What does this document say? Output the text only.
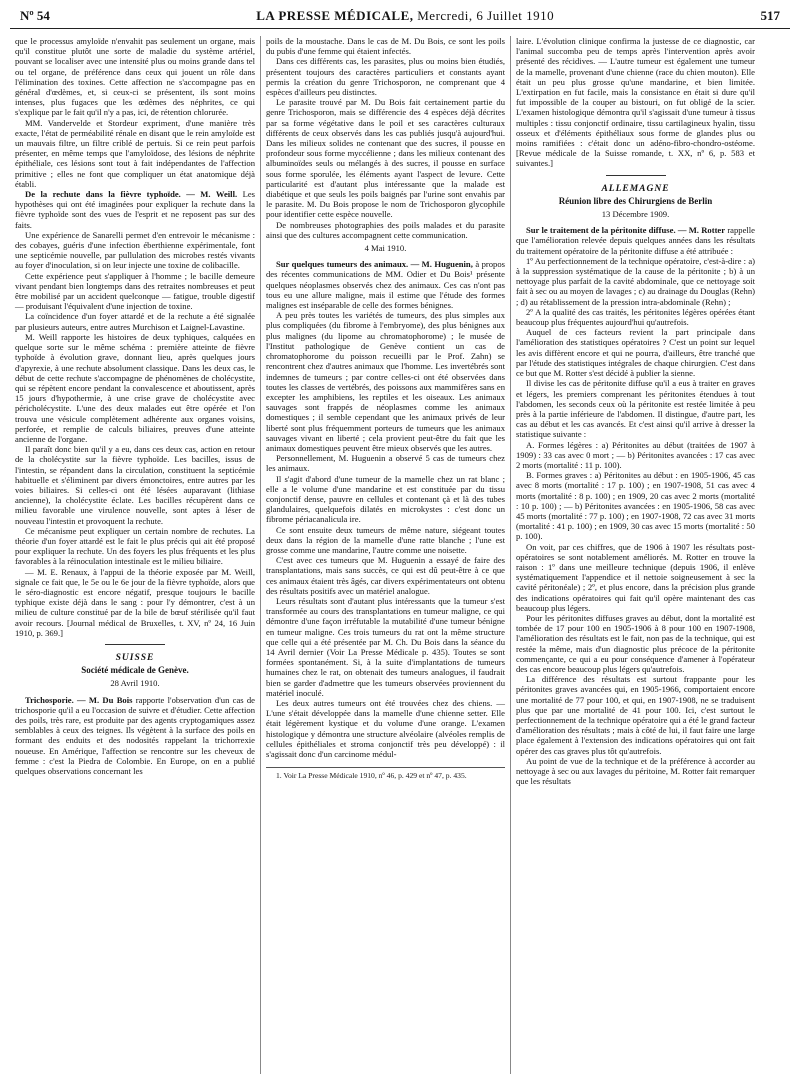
Nº 54	LA PRESSE MÉDICALE, Mercredi, 6 Juillet 1910	517

que le processus amyloïde n'envahit pas seulement un organe, mais qu'il constitue plutôt une sorte de maladie du système artériel, pouvant se localiser avec une intensité plus ou moins grande dans tel ou tel organe, de préférence dans ceux qui jouent un rôle dans l'élimination des toxines. Cette affection ne s'accompagne pas en général d'œdèmes, et, si ceux-ci se présentent, ils sont moins intenses, plus fugaces que les œdèmes des néphrites, ce qui s'explique par le fait qu'il n'y a pas, ici, de rétention chlorurée.

MM. Vandervelde et Stordeur expriment, d'une manière très exacte, l'état de perméabilité rénale en disant que le rein amyloïde est un mauvais filtre, un filtre criblé de pertuis. Si ce rein peut parfois présenter, en même temps que l'amyloïdose, des lésions de néphrite épithéliale, ces lésions sont tout à fait indépendantes de l'affection primitive ; elles ne font que compliquer un état anatomique déjà établi.

De la rechute dans la fièvre typhoïde. — M. Weill. Les hypothèses qui ont été imaginées pour expliquer la rechute dans la fièvre typhoïde sont des vues de l'esprit et ne reposent pas sur des faits.

Une expérience de Sanarelli permet d'en entrevoir le mécanisme : des cobayes, guéris d'une infection éberthienne expérimentale, font une septicémie nouvelle, par pullulation des microbes restés vivants au foyer d'inoculation, si on leur injecte une toxine de colibacille.

Cette expérience peut s'appliquer à l'homme ; le bacille demeure vivant pendant bien longtemps dans des retraites nombreuses et peut être mobilisé par un accident quelconque — fatigue, trouble digestif — produisant l'équivalent d'une injection de toxine.

La coïncidence d'un foyer attardé et de la rechute a été signalée par plusieurs auteurs, entre autres Murchison et Laignel-Lavastine.

M. Weill rapporte les histoires de deux typhiques, calquées en quelque sorte sur le même schéma : première atteinte de fièvre typhoïde à évolution grave, donnant lieu, après quelques jours d'apyrexie, à une rechute absolument classique. Dans les deux cas, le début de cette rechute s'accompagne de phénomènes de cholécystite, qui se répètent encore pendant la convalescence et aboutissent, après 15 jours d'hypothermie, à une crise grave de cholécystite avec péricholécystite. L'une des deux malades eut être opérée et l'on trouva une vésicule complètement adhérente aux organes voisins, perforée, et remplie de calculs biliaires, preuves d'une atteinte ancienne de l'organe.

Il paraît donc bien qu'il y a eu, dans ces deux cas, action en retour de la cholécystite sur la fièvre typhoïde. Les bacilles, issus de l'intestin, se répandent dans la circulation, constituent la septicémie habituelle et s'éliminent par divers émonctoires, entre autres par les voies biliaires. Si celles-ci ont été lésées auparavant (lithiase ancienne), la cholécystite éclate. Les bacilles récupèrent dans ce milieu favorable une virulence nouvelle, sont aptes à léser de nouveau l'intestin et provoquent la rechute.

Ce mécanisme peut expliquer un certain nombre de rechutes. La théorie d'un foyer attardé est le fait le plus précis qui ait été proposé pour expliquer la rechute. Un des foyers les plus fréquents et les plus favorables à la réinoculation intestinale est le milieu biliaire.

— M. E. Renaux, à l'appui de la théorie exposée par M. Weill, signale ce fait que, le 5e ou le 6e jour de la fièvre typhoïde, alors que le séro-diagnostic est encore négatif, presque toujours le bacille typhique existe déjà dans le sang : pour l'y démontrer, c'est à un milieu de culture constitué par de la bile de bœuf stérilisée qu'il faut avoir recours. [Journal médical de Bruxelles, t. XV, nº 24, 16 Juin 1910, p. 369.]

SUISSE
Société médicale de Genève.
28 Avril 1910.

Trichosporie. — M. Du Bois rapporte l'observation d'un cas de trichosporie qu'il a eu l'occasion de suivre et d'étudier. Cette affection des poils, très rare, est produite par des agents cryptogamiques assez semblables à ceux des teignes. Ils végètent à la surface des poils en formant des enduits et des nodosités rappelant la trichorrexie noueuse. En Amérique, l'affection se rencontre sur les cheveux de femme : c'est la Piedra de Colombie. En Europe, on en a publié quelques observations concernant les

poils de la moustache. Dans le cas de M. Du Bois, ce sont les poils du pubis d'une femme qui étaient infectés.

Dans ces différents cas, les parasites, plus ou moins bien étudiés, présentent toujours des caractères particuliers et constants ayant permis la création du genre Trichosporon, ne comprenant que 4 espèces d'ailleurs peu distinctes.

Le parasite trouvé par M. Du Bois fait certainement partie du genre Trichosporon, mais se différencie des 4 espèces déjà décrites par sa forme végétative dans le poil et ses caractères culturaux différents de ceux observés dans les cas publiés jusqu'à aujourd'hui. Dans les milieux solides ne contenant que des sucres, il pousse en profondeur sous forme myccélienne ; dans les milieux contenant des albuminoïdes seuls ou mélangés à des sucres, il pousse en surface sous forme sporulée, les éléments ayant l'aspect de levure. Cette particularité est d'autant plus intéressante que la malade est diabétique et que seuls les poils baignés par l'urine sont envahis par le parasite. M. Du Bois propose le nom de Trichosporon glycophile pour identifier cette espèce nouvelle.

De nombreuses photographies des poils malades et du parasite ainsi que des cultures accompagnent cette communication.

4 Mai 1910.

Sur quelques tumeurs des animaux. — M. Huguenin, à propos des récentes communications de MM. Odier et Du Bois¹ présente quelques néoplasmes observés chez des animaux. Ces cas n'ont pas tous eu une allure maligne, mais il estime que l'étude des formes malignes est inséparable de celle des formes bénignes.

A peu près toutes les variétés de tumeurs, des plus simples aux plus compliquées (du fibrome à l'embryome), des plus bénignes aux plus malignes (du lipome au chromatophorome) ; le musée de l'Institut pathologique de Genève contient un cas de chromatophorome du poisson recueilli par le Prof. Zahn) se rencontrent chez d'autres animaux que l'homme. Les invertébrés sont indemnes de tumeurs ; par contre celles-ci ont été observées dans toutes les classes de vertébrés, des poissons aux mammifères sans en excepter les amphibiens, les reptiles et les oiseaux. Les animaux sauvages sont frappés de néoplasmes comme les animaux domestiques ; il semble cependant que les animaux privés de leur liberté sont plus fréquemment porteurs de tumeurs que les animaux sauvages vivant en liberté ; cela provient peut-être du fait que les animaux domestiques peuvent être mieux observés que les autres.

Personnellement, M. Huguenin a observé 5 cas de tumeurs chez les animaux.

Il s'agit d'abord d'une tumeur de la mamelle chez un rat blanc ; elle a le volume d'une mandarine et est constituée par du tissu conjonctif dense, pauvre en cellules et contenant çà et là des tubes glandulaires, quelquefois dilatés en microkystes : c'est donc un fibrome périacanalicula ire.

Ce sont ensuite deux tumeurs de même nature, siégeant toutes deux dans la région de la mamelle d'une ratte blanche ; l'une est grosse comme une mandarine, l'autre comme une noisette.

C'est avec ces tumeurs que M. Huguenin a essayé de faire des transplantations, mais sans succès, ce qui est dû peut-être à ce que ces animaux étaient très âgés, car divers expérimentateurs ont obtenu des résultats positifs avec un matériel analogue.

Leurs résultats sont d'autant plus intéressants que la tumeur s'est transformée au cours des transplantations en tumeur maligne, ce qui démontre d'une façon irréfutable la mutabilité d'une tumeur bénigne en tumeur maligne. Ces trois tumeurs du rat ont la même structure que celle qui a été présentée par M. Ch. Du Bois dans la séance du 14 Avril dernier (Voir La Presse Médicale p. 435). Toutes se sont formées spontanément. Si, à la suite d'implantations de tumeurs humaines chez le rat, on obtenait des tumeurs analogues, il faudrait bien se garder d'admettre que les tumeurs observées proviennent du matériel inoculé.

Les deux autres tumeurs ont été trouvées chez des chiens. — L'une s'était développée dans la mamelle d'une chienne setter. Elle était légèrement kystique et du volume d'une orange. L'examen histologique y démontra une structure alvéolaire (alvéoles remplis de cellules épithéliales et stroma conjonctif très peu développé) : il s'agissait donc d'un carcinome médul-

1. Voir La Presse Médicale 1910, nº 46, p. 429 et nº 47, p. 435.

laire. L'évolution clinique confirma la justesse de ce diagnostic, car l'animal succomba peu de temps après l'intervention après avoir présenté des récidives. — L'autre tumeur est également une tumeur de la mamelle, provenant d'une chienne (race du chien mouton). Elle était un peu plus grosse qu'une mandarine, et bien limitée. L'extirpation en fut facile, mais la consistance en était si dure qu'il fut impossible de la couper au bistouri, on fut obligé de la scier. L'examen histologique démontra qu'il s'agissait d'une tumeur à tissus multiples : tissu conjonctif ordinaire, tissu cartilagineux hyalin, tissu osseux et d'éléments épithéliaux sous forme de glandes plus ou moins ramifiées : c'était donc un adéno-fibro-chondro-ostéome. [Revue médicale de la Suisse romande, t. XX, nº 6, p. 583 et suivantes.]

ALLEMAGNE
Réunion libre des Chirurgiens de Berlin
13 Décembre 1909.

Sur le traitement de la péritonite diffuse. — M. Rotter rappelle que l'amélioration relevée depuis quelques années dans les résultats du traitement opératoire de la péritonite diffuse a été attribuée :

1º Au perfectionnement de la technique opératoire, c'est-à-dire : a) à la suppression systématique de la cause de la péritonite ; b) à un nettoyage plus parfait de la cavité abdominale, que ce nettoyage soit fait à sec ou au moyen de lavages ; c) au drainage du Douglas (Rehn) ; d) au rétablissement de la pression intra-abdominale (Rehn) ;

2º A la qualité des cas traités, les péritonites légères opérées étant beaucoup plus fréquentes aujourd'hui qu'autrefois.

Auquel de ces facteurs revient la part principale dans l'amélioration des statistiques opératoires ? C'est un point sur lequel les avis diffèrent encore et qui ne pourra, d'ailleurs, être tranché que par l'étude des statistiques intégrales de chaque chirurgien. C'est dans ce but que M. Rotter s'est décidé à publier la sienne.

Il divise les cas de péritonite diffuse qu'il a eus à traiter en graves et légers, les premiers comprenant les péritonites étendues à tout l'abdomen, les seconds ceux où la péritonite est restée limitée à peu près à la partie inférieure de l'abdomen. Il distingue, d'autre part, les cas au début et les cas avancés. Et c'est ainsi qu'il arrive à dresser la statistique suivante :

A. Formes légères : a) Péritonites au début (traitées de 1907 à 1909) : 33 cas avec 0 mort ; — b) Péritonites avancées : 17 cas avec 2 morts (mortalité : 11 p. 100).

B. Formes graves : a) Péritonites au début : en 1905-1906, 45 cas avec 8 morts (mortalité : 17 p. 100) ; en 1907-1908, 51 cas avec 4 morts (mortalité : 8 p. 100) ; en 1909, 20 cas avec 2 morts (mortalité : 10 p. 100) ; — b) Péritonites avancées : en 1905-1906, 58 cas avec 45 morts (mortalité : 77 p. 100) ; en 1907-1908, 72 cas avec 31 morts (mortalité : 41 p. 100) ; en 1909, 30 cas avec 15 morts (mortalité : 50 p. 100).

On voit, par ces chiffres, que de 1906 à 1907 les résultats post-opératoires se sont notablement améliorés. M. Rotter en trouve la raison : 1º dans une meilleure technique (depuis 1906, il enlève systématiquement l'appendice et il nettoie soigneusement à sec la cavité péritonéale) ; 2º, et plus encore, dans la précision plus grande des indications opératoires qui fait qu'il opère maintenant des cas beaucoup plus légers.

Pour les péritonites diffuses graves au début, dont la mortalité est tombée de 17 pour 100 en 1905-1906 à 8 pour 100 en 1907-1908, l'amélioration des résultats est le fait, non pas de la technique, qui est restée la même, mais d'un diagnostic plus précoce de la péritonite commençante, ce qui a eu pour conséquence d'amener à l'opérateur des cas encore beaucoup plus légers qu'autrefois.

La différence des résultats est surtout frappante pour les péritonites graves avancées qui, en 1905-1966, comportaient encore une mortalité de 77 pour 100, et qui, en 1907-1908, ne se traduisent plus que par une mortalité de 41 pour 100. Ici, c'est surtout le perfectionnement de la technique opératoire qui a été le grand facteur d'amélioration des résultats ; mais à côté de lui, il faut faire une large place également à l'extension des indications opératoires qui ont fait opérer des cas graves plus tôt qu'autrefois.

Au point de vue de la technique et de la préférence à accorder au nettoyage à sec ou aux lavages du péritoine, M. Rotter fait remarquer que les résultats
